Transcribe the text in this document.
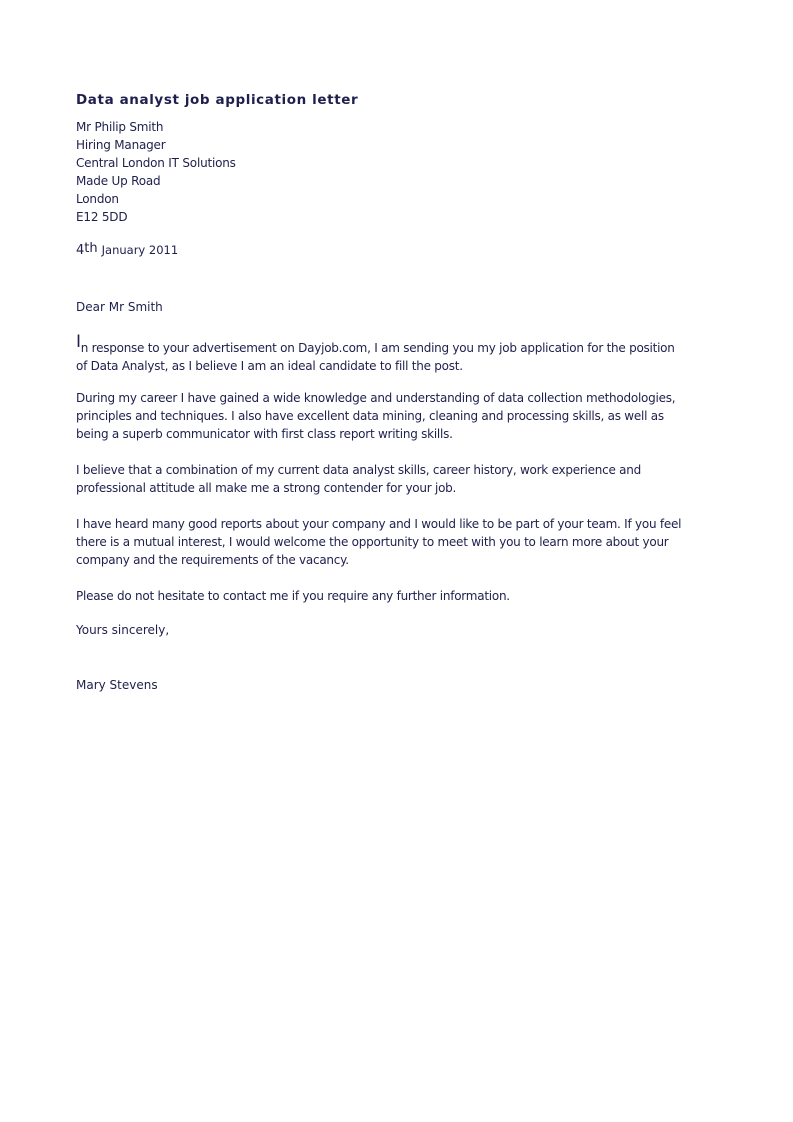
Data analyst job application letter
Mr Philip Smith
Hiring Manager
Central London IT Solutions
Made Up Road
London
E12 5DD
4th January 2011
Dear Mr Smith
In response to your advertisement on Dayjob.com, I am sending you my job application for the position
of Data Analyst, as I believe I am an ideal candidate to fill the post.
During my career I have gained a wide knowledge and understanding of data collection methodologies,
principles and techniques. I also have excellent data mining, cleaning and processing skills, as well as
being a superb communicator with first class report writing skills.
I believe that a combination of my current data analyst skills, career history, work experience and
professional attitude all make me a strong contender for your job.
I have heard many good reports about your company and I would like to be part of your team. If you feel
there is a mutual interest, I would welcome the opportunity to meet with you to learn more about your
company and the requirements of the vacancy.
Please do not hesitate to contact me if you require any further information.
Yours sincerely,
Mary Stevens
